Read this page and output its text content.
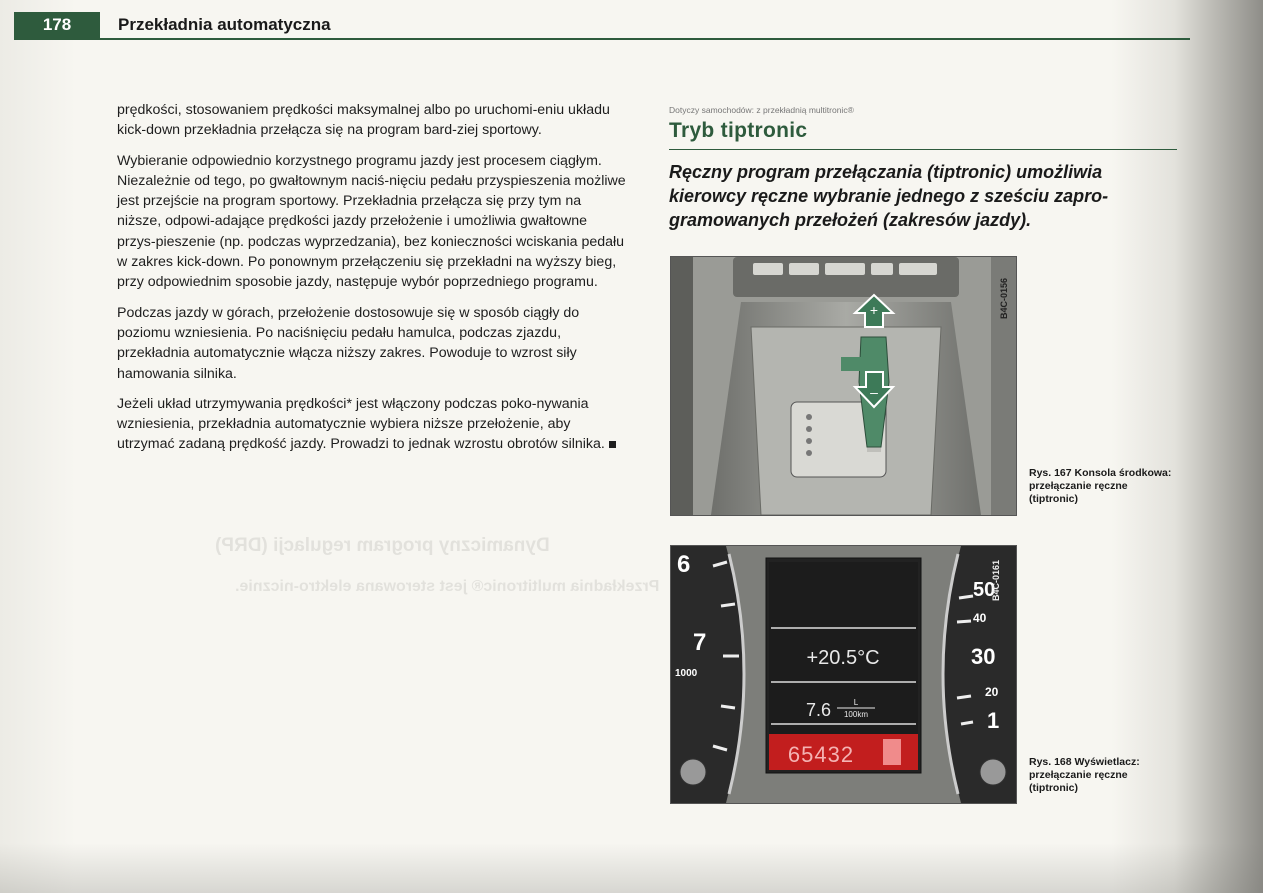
Dynamiczny program regulacji (DRP)
Przekładnia multitronic® jest sterowana elektro-nicznie.
178	Przekładnia automatyczna

prędkości, stosowaniem prędkości maksymalnej albo po uruchomi-eniu układu kick-down przekładnia przełącza się na program bard-ziej sportowy.

Wybieranie odpowiednio korzystnego programu jazdy jest procesem ciągłym. Niezależnie od tego, po gwałtownym naciś-nięciu pedału przyspieszenia możliwe jest przejście na program sportowy. Przekładnia przełącza się przy tym na niższe, odpowi-adające prędkości jazdy przełożenie i umożliwia gwałtowne przys-pieszenie (np. podczas wyprzedzania), bez konieczności wciskania pedału w zakres kick-down. Po ponownym przełączeniu się przekładni na wyższy bieg, przy odpowiednim sposobie jazdy, następuje wybór poprzedniego programu.

Podczas jazdy w górach, przełożenie dostosowuje się w sposób ciągły do poziomu wzniesienia. Po naciśnięciu pedału hamulca, podczas zjazdu, przekładnia automatycznie włącza niższy zakres. Powoduje to wzrost siły hamowania silnika.

Jeżeli układ utrzymywania prędkości* jest włączony podczas poko-nywania wzniesienia, przekładnia automatycznie wybiera niższe przełożenie, aby utrzymać zadaną prędkość jazdy. Prowadzi to jednak wzrostu obrotów silnika.

Dotyczy samochodów: z przekładnią multitronic®
Tryb tiptronic
Ręczny program przełączania (tiptronic) umożliwia kierowcy ręczne wybranie jednego z sześciu zapro-gramowanych przełożeń (zakresów jazdy).
+
–
B4C-0156
Rys. 167 Konsola środkowa: przełączanie ręczne (tiptronic)
6
7
1000
50
40
30
20
1
+20.5°C
7.6	L
100km
65432
B4C-0161
Rys. 168 Wyświetlacz: przełączanie ręczne (tiptronic)
